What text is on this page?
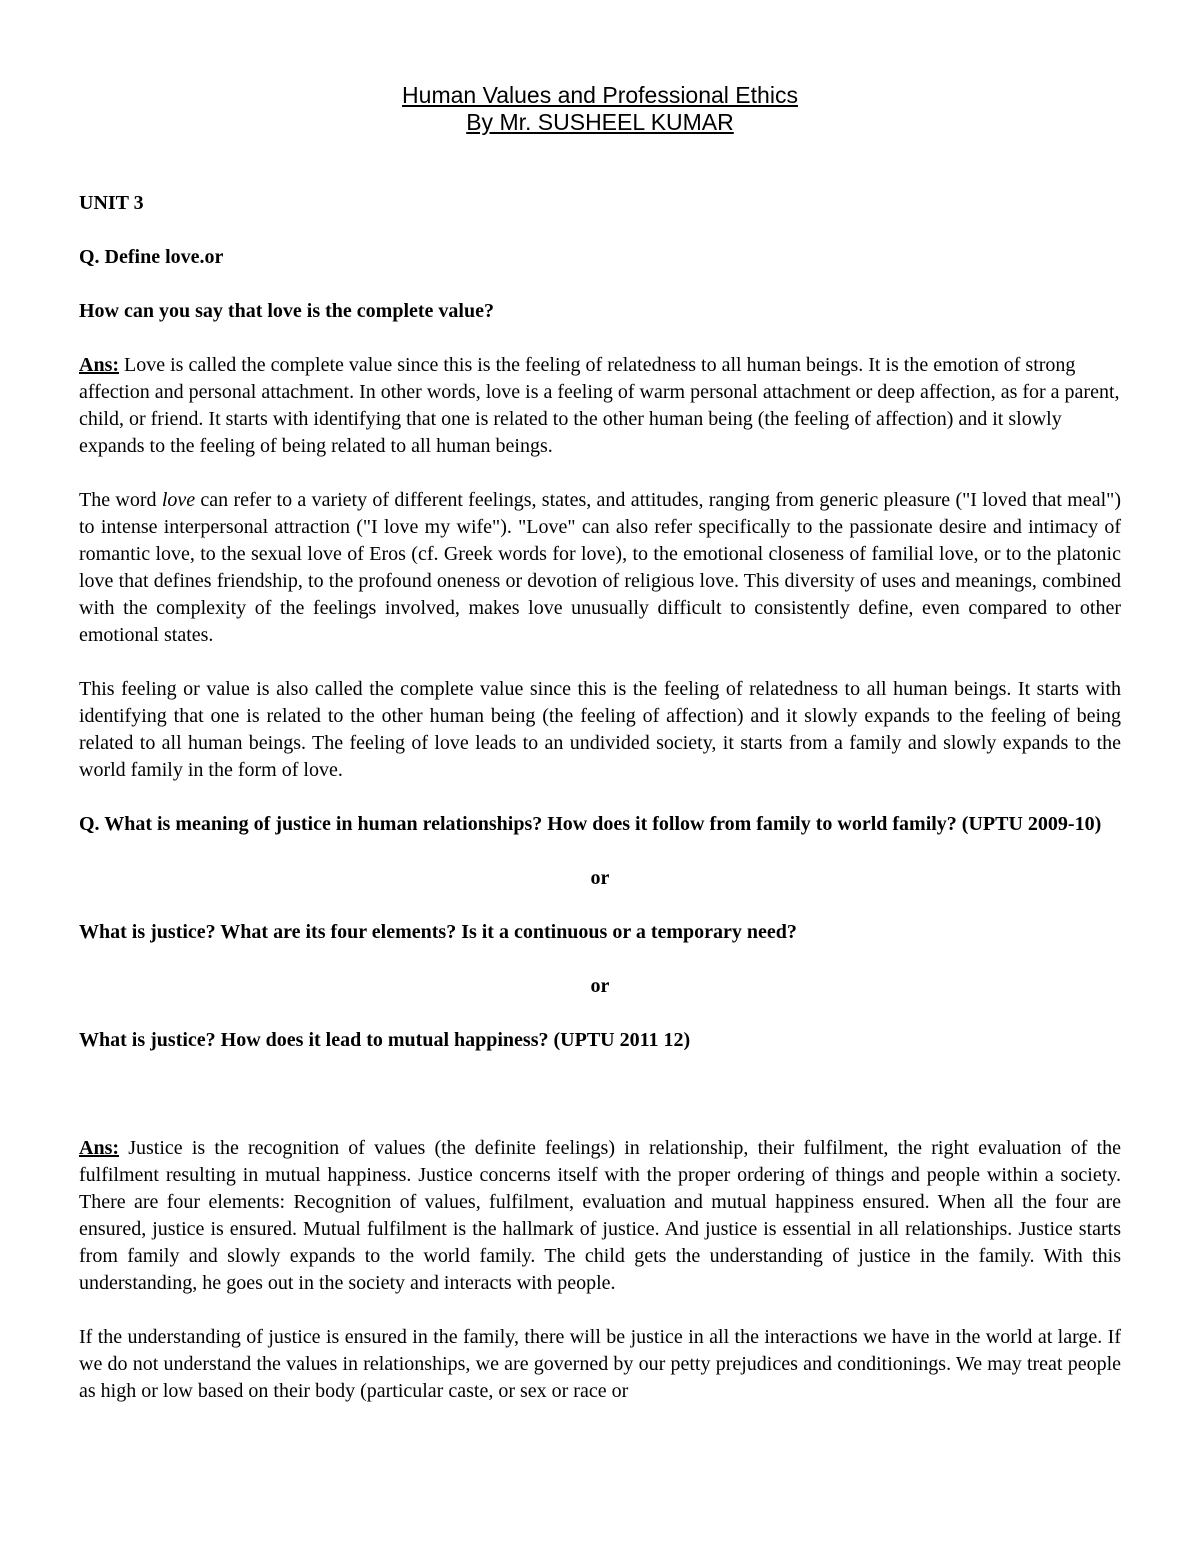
Human Values and Professional Ethics

By Mr. SUSHEEL KUMAR

UNIT 3

Q. Define love.or

How can you say that love is the complete value?

Ans: Love is called the complete value since this is the feeling of relatedness to all human beings. It is the emotion of strong affection and personal attachment. In other words, love is a feeling of warm personal attachment or deep affection, as for a parent, child, or friend. It starts with identifying that one is related to the other human being (the feeling of affection) and it slowly expands to the feeling of being related to all human beings.

The word love can refer to a variety of different feelings, states, and attitudes, ranging from generic pleasure ("I loved that meal") to intense interpersonal attraction ("I love my wife"). "Love" can also refer specifically to the passionate desire and intimacy of romantic love, to the sexual love of Eros (cf. Greek words for love), to the emotional closeness of familial love, or to the platonic love that defines friendship, to the profound oneness or devotion of religious love. This diversity of uses and meanings, combined with the complexity of the feelings involved, makes love unusually difficult to consistently define, even compared to other emotional states.

This feeling or value is also called the complete value since this is the feeling of relatedness to all human beings. It starts with identifying that one is related to the other human being (the feeling of affection) and it slowly expands to the feeling of being related to all human beings. The feeling of love leads to an undivided society, it starts from a family and slowly expands to the world family in the form of love.

Q. What is meaning of justice in human relationships? How does it follow from family to world family? (UPTU 2009-10)

or

What is justice? What are its four elements? Is it a continuous or a temporary need?

or

What is justice? How does it lead to mutual happiness? (UPTU 2011 12)

Ans: Justice is the recognition of values (the definite feelings) in relationship, their fulfilment, the right evaluation of the fulfilment resulting in mutual happiness. Justice concerns itself with the proper ordering of things and people within a society. There are four elements: Recognition of values, fulfilment, evaluation and mutual happiness ensured. When all the four are ensured, justice is ensured. Mutual fulfilment is the hallmark of justice. And justice is essential in all relationships. Justice starts from family and slowly expands to the world family. The child gets the understanding of justice in the family. With this understanding, he goes out in the society and interacts with people.

If the understanding of justice is ensured in the family, there will be justice in all the interactions we have in the world at large. If we do not understand the values in relationships, we are governed by our petty prejudices and conditionings. We may treat people as high or low based on their body (particular caste, or sex or race or
